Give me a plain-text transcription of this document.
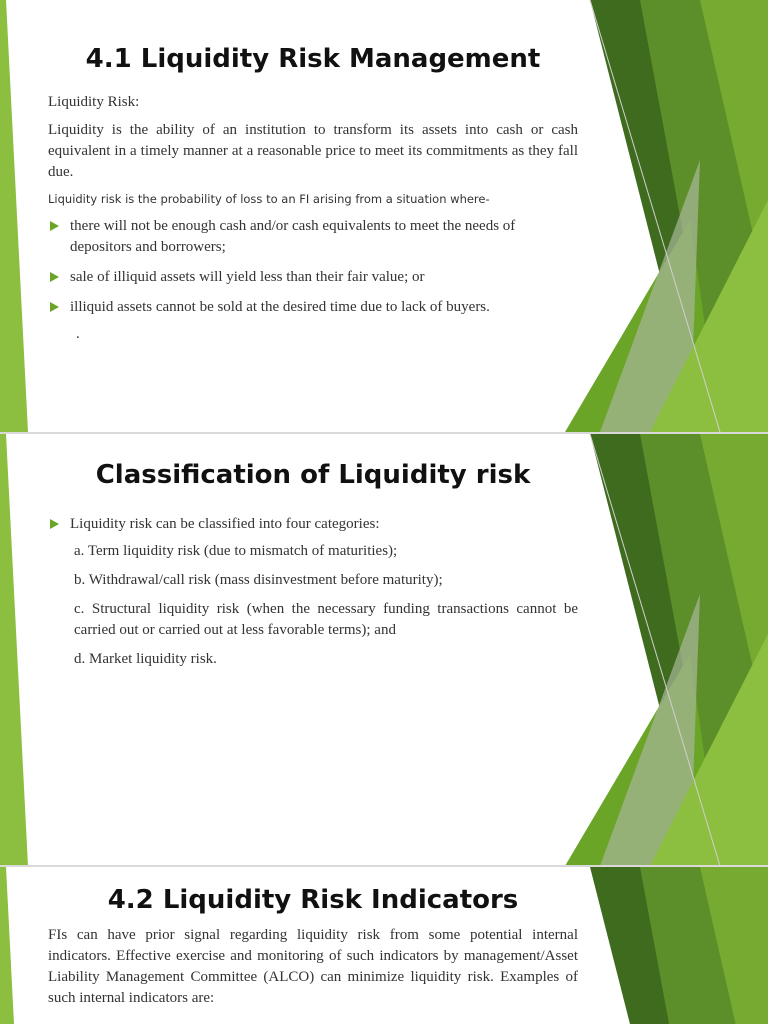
4.1 Liquidity Risk Management

Liquidity Risk:

Liquidity is the ability of an institution to transform its assets into cash or cash equivalent in a timely manner at a reasonable price to meet its commitments as they fall due.

Liquidity risk is the probability of loss to an FI arising from a situation where-

there will not be enough cash and/or cash equivalents to meet the needs of depositors and borrowers;
sale of illiquid assets will yield less than their fair value; or
illiquid assets cannot be sold at the desired time due to lack of buyers.
.
Classification of Liquidity risk
Liquidity risk can be classified into four categories:

a. Term liquidity risk (due to mismatch of maturities);

b. Withdrawal/call risk (mass disinvestment before maturity);

c. Structural liquidity risk (when the necessary funding transactions cannot be carried out or carried out at less favorable terms); and

d. Market liquidity risk.

4.2 Liquidity Risk Indicators

FIs can have prior signal regarding liquidity risk from some potential internal indicators. Effective exercise and monitoring of such indicators by management/Asset Liability Management Committee (ALCO) can minimize liquidity risk. Examples of such internal indicators are:
